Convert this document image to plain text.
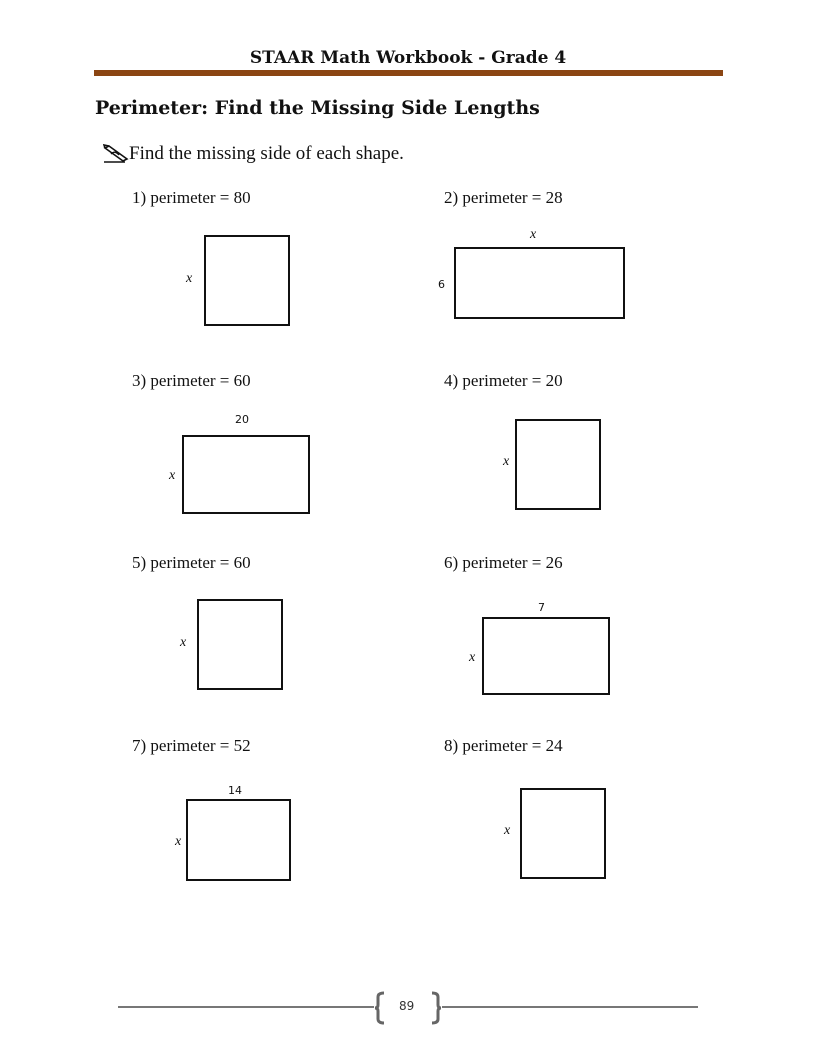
STAAR Math Workbook - Grade 4
Perimeter: Find the Missing Side Lengths
Find the missing side of each shape.
1) perimeter = 80
x
2) perimeter = 28
x
6
3) perimeter = 60
20
x
4) perimeter = 20
x
5) perimeter = 60
x
6) perimeter = 26
7
x
7) perimeter = 52
14
x
8) perimeter = 24
x
89
